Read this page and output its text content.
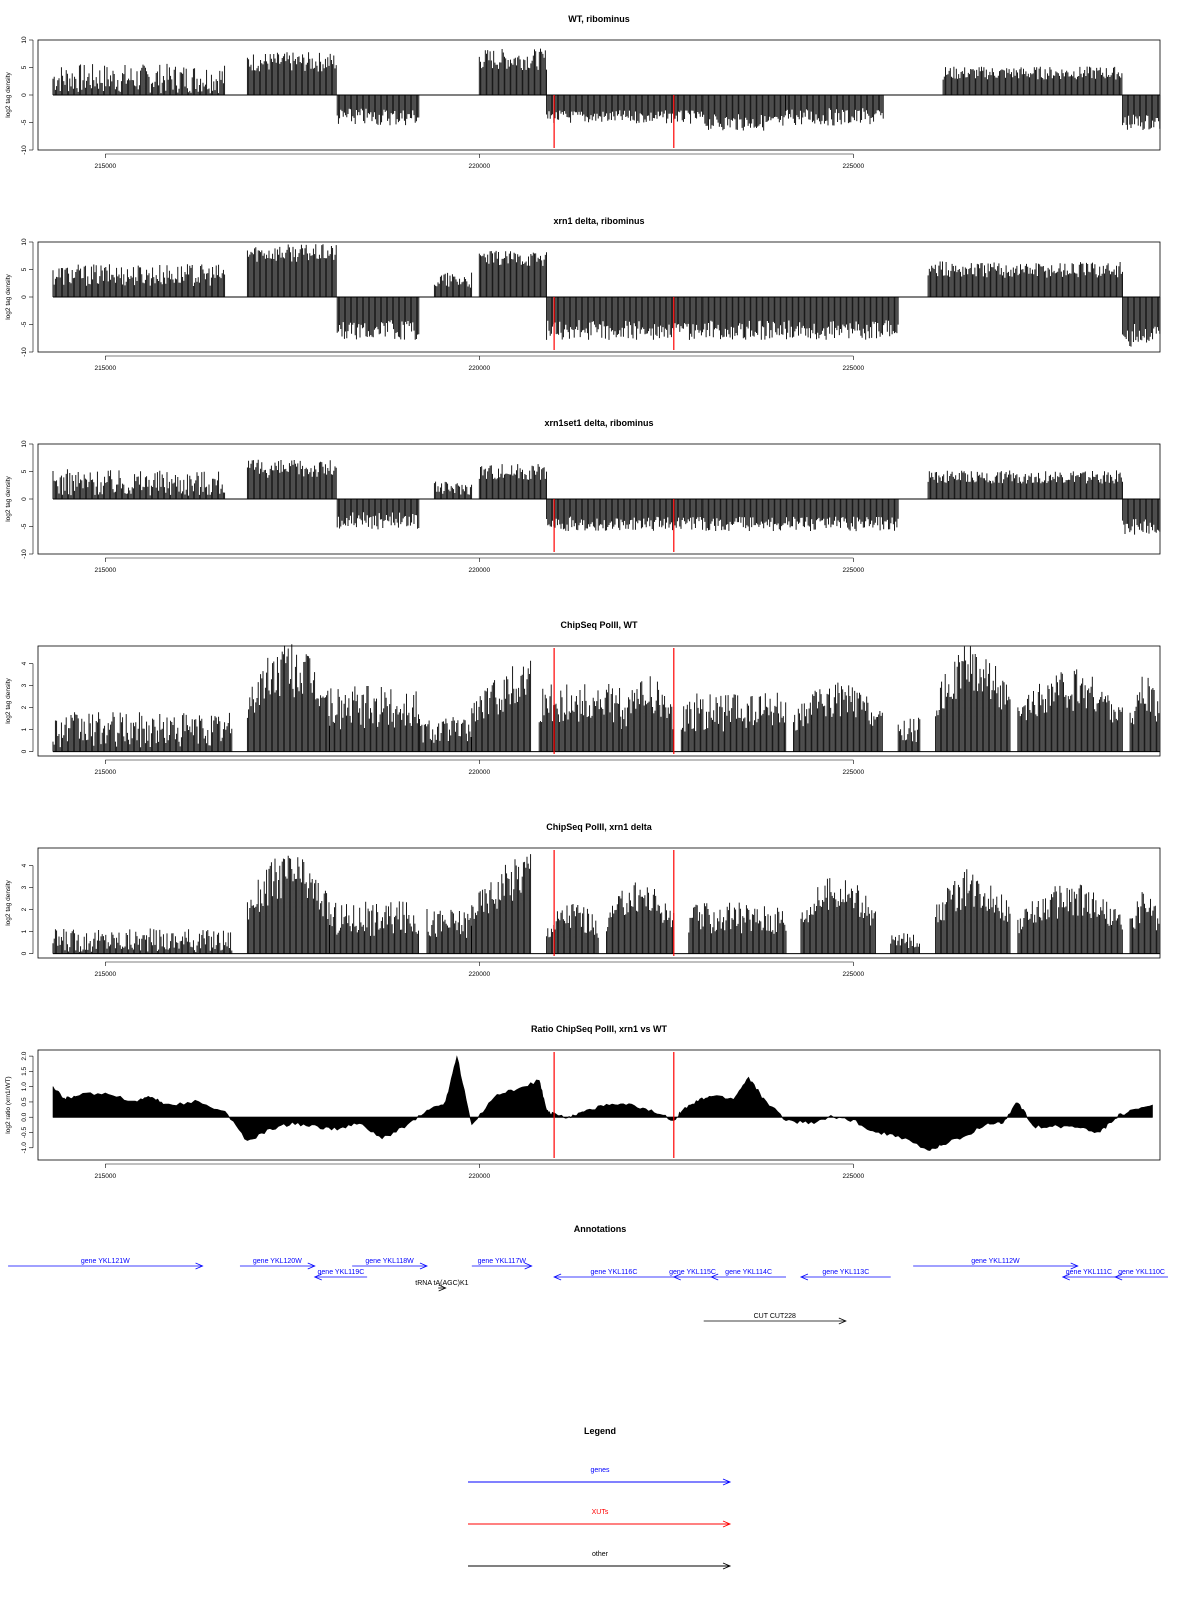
WT, ribominus
-10
-5
0
5
10
log2 tag density
215000	220000	225000
xrn1 delta, ribominus
-10
-5
0
5
10
log2 tag density
215000	220000	225000
xrn1set1 delta, ribominus
-10
-5
0
5
10
log2 tag density
215000	220000	225000
ChipSeq PolII, WT
0
1
2
3
4
log2 tag density
215000	220000	225000
ChipSeq PolII, xrn1 delta
0
1
2
3
4
log2 tag density
215000	220000	225000
Ratio ChipSeq PolII, xrn1 vs WT
-1.0
-0.5
0.0
0.5
1.0
1.5
2.0
log2 ratio (xrn1/WT)
215000	220000	225000
Annotations
gene YKL121W	gene YKL120W	gene YKL118W
gene YKL119C
gene YKL117W
tRNA tA(AGC)K1
gene YKL116C	gene YKL115C gene YKL114C	gene YKL113C
gene YKL112W
gene YKL111C gene YKL110C
CUT CUT228
Legend
genes
XUTs
other
